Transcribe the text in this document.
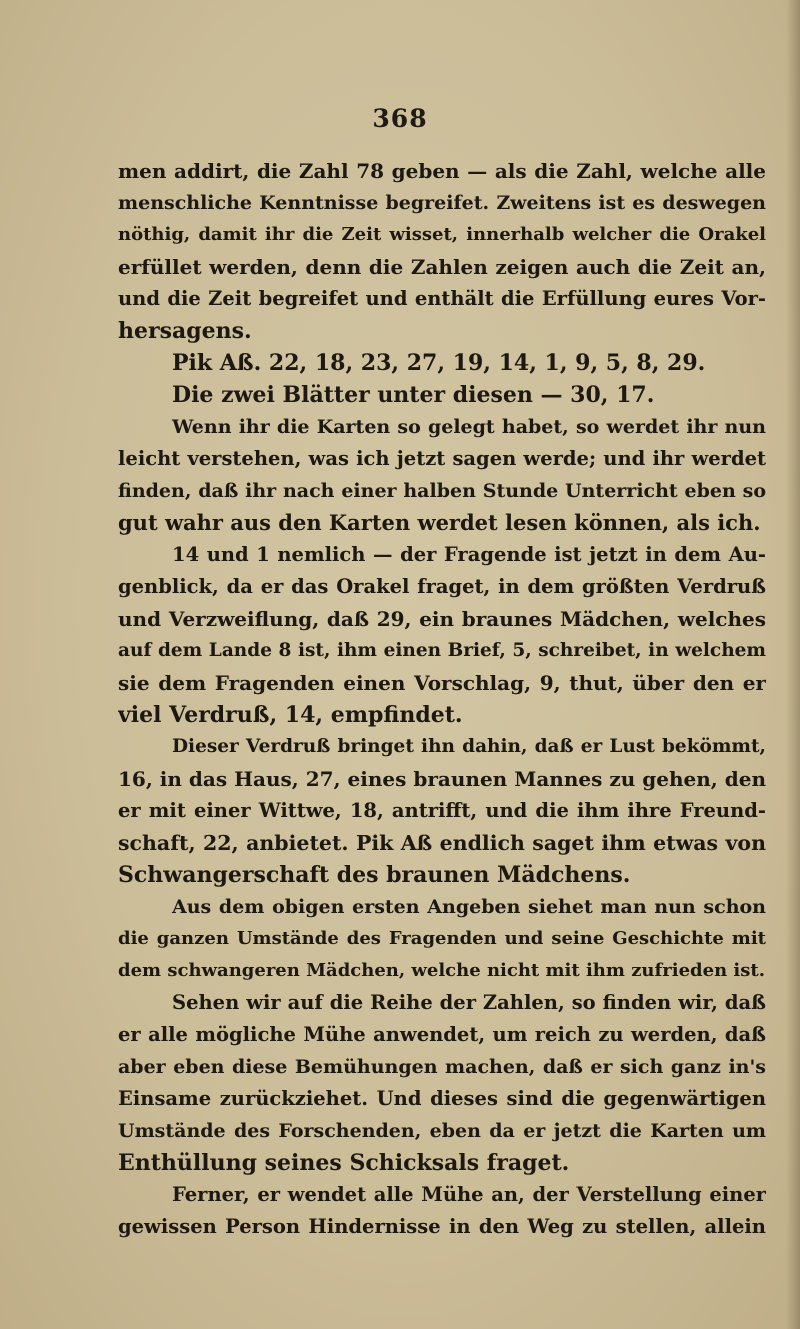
368
men addirt, die Zahl 78 geben — als die Zahl, welche alle
menschliche Kenntnisse begreifet. Zweitens ist es deswegen
nöthig, damit ihr die Zeit wisset, innerhalb welcher die Orakel
erfüllet werden, denn die Zahlen zeigen auch die Zeit an,
und die Zeit begreifet und enthält die Erfüllung eures Vor-
hersagens.
Pik Aß. 22, 18, 23, 27, 19, 14, 1, 9, 5, 8, 29.
Die zwei Blätter unter diesen — 30, 17.
Wenn ihr die Karten so gelegt habet, so werdet ihr nun
leicht verstehen, was ich jetzt sagen werde; und ihr werdet
finden, daß ihr nach einer halben Stunde Unterricht eben so
gut wahr aus den Karten werdet lesen können, als ich.
14 und 1 nemlich — der Fragende ist jetzt in dem Au-
genblick, da er das Orakel fraget, in dem größten Verdruß
und Verzweiflung, daß 29, ein braunes Mädchen, welches
auf dem Lande 8 ist, ihm einen Brief, 5, schreibet, in welchem
sie dem Fragenden einen Vorschlag, 9, thut, über den er
viel Verdruß, 14, empfindet.
Dieser Verdruß bringet ihn dahin, daß er Lust bekömmt,
16, in das Haus, 27, eines braunen Mannes zu gehen, den
er mit einer Wittwe, 18, antrifft, und die ihm ihre Freund-
schaft, 22, anbietet. Pik Aß endlich saget ihm etwas von
Schwangerschaft des braunen Mädchens.
Aus dem obigen ersten Angeben siehet man nun schon
die ganzen Umstände des Fragenden und seine Geschichte mit
dem schwangeren Mädchen, welche nicht mit ihm zufrieden ist.
Sehen wir auf die Reihe der Zahlen, so finden wir, daß
er alle mögliche Mühe anwendet, um reich zu werden, daß
aber eben diese Bemühungen machen, daß er sich ganz in's
Einsame zurückziehet. Und dieses sind die gegenwärtigen
Umstände des Forschenden, eben da er jetzt die Karten um
Enthüllung seines Schicksals fraget.
Ferner, er wendet alle Mühe an, der Verstellung einer
gewissen Person Hindernisse in den Weg zu stellen, allein
